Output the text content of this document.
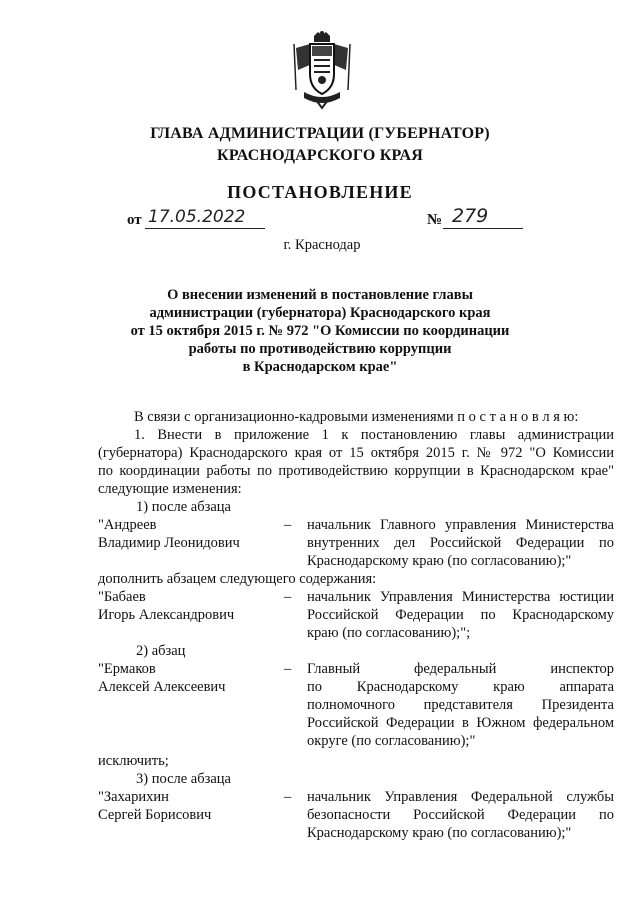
ГЛАВА АДМИНИСТРАЦИИ (ГУБЕРНАТОР)
КРАСНОДАРСКОГО КРАЯ
ПОСТАНОВЛЕНИЕ
от 17.05.2022	№ 279
г. Краснодар
О внесении изменений в постановление главы
администрации (губернатора) Краснодарского края
от 15 октября 2015 г. № 972 "О Комиссии по координации
работы по противодействию коррупции
в Краснодарском крае"
В связи с организационно-кадровыми изменениями п о с т а н о в л я ю:
1. Внести в приложение 1 к постановлению главы администрации
(губернатора) Краснодарского края от 15 октября 2015 г. № 972 "О Комиссии
по координации работы по противодействию коррупции в Краснодарском крае"
следующие изменения:
1) после абзаца
"Андреев
Владимир Леонидович
– начальник Главного управления Министерства
внутренних дел Российской Федерации по
Краснодарскому краю (по согласованию);"
дополнить абзацем следующего содержания:
"Бабаев
Игорь Александрович
– начальник Управления Министерства юстиции
Российской Федерации по Краснодарскому
краю (по согласованию);";
2) абзац
"Ермаков
Алексей Алексеевич
– Главный федеральный инспектор
по Краснодарскому краю аппарата
полномочного представителя Президента
Российской Федерации в Южном федеральном
округе (по согласованию);"
исключить;
3) после абзаца
"Захарихин
Сергей Борисович
– начальник Управления Федеральной службы
безопасности Российской Федерации по
Краснодарскому краю (по согласованию);"
